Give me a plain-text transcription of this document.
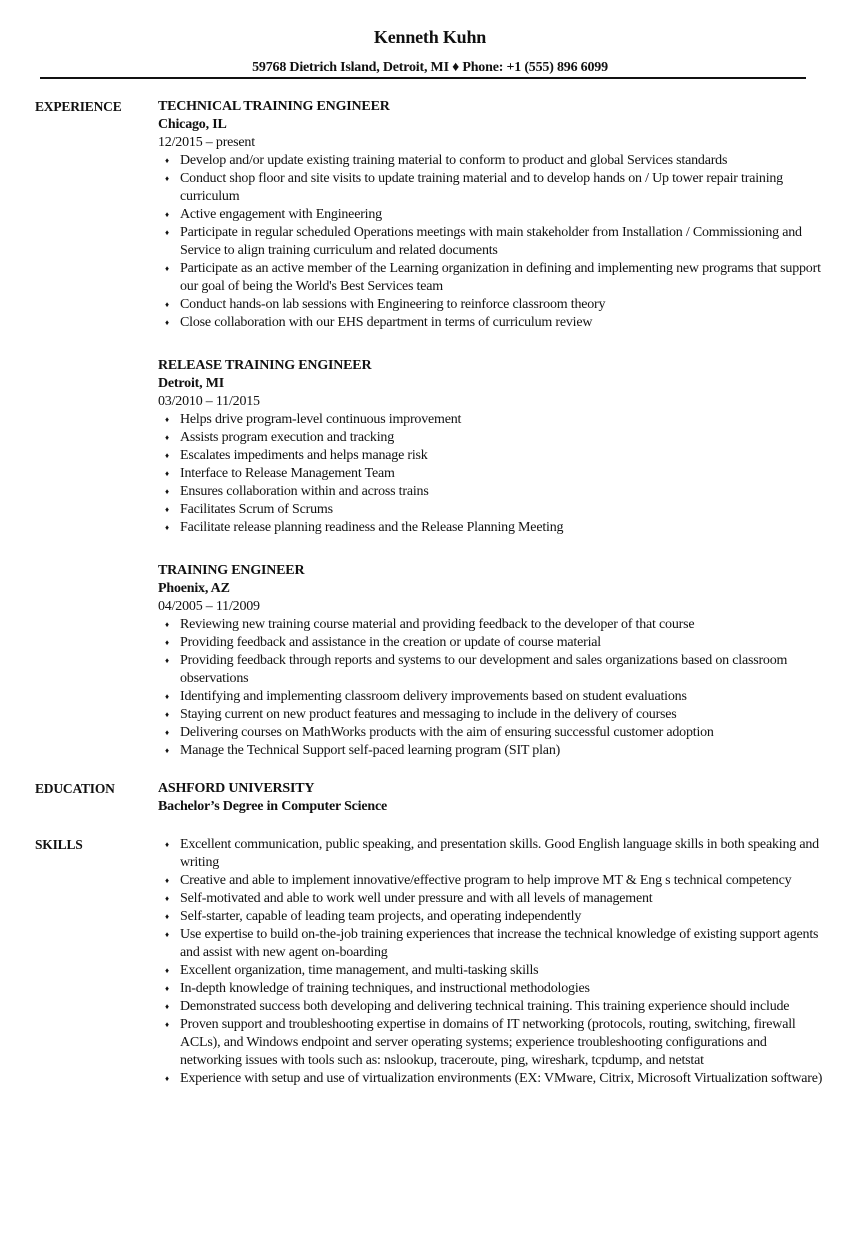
Kenneth Kuhn
59768 Dietrich Island, Detroit, MI ♦ Phone: +1 (555) 896 6099
EXPERIENCE	TECHNICAL TRAINING ENGINEER
Chicago, IL
12/2015 – present
♦ Develop and/or update existing training material to conform to product and global Services standards
♦ Conduct shop floor and site visits to update training material and to develop hands on / Up tower repair training curriculum
♦ Active engagement with Engineering
♦ Participate in regular scheduled Operations meetings with main stakeholder from Installation / Commissioning and Service to align training curriculum and related documents
♦ Participate as an active member of the Learning organization in defining and implementing new programs that support our goal of being the World's Best Services team
♦ Conduct hands-on lab sessions with Engineering to reinforce classroom theory
♦ Close collaboration with our EHS department in terms of curriculum review
RELEASE TRAINING ENGINEER
Detroit, MI
03/2010 – 11/2015
♦ Helps drive program-level continuous improvement
♦ Assists program execution and tracking
♦ Escalates impediments and helps manage risk
♦ Interface to Release Management Team
♦ Ensures collaboration within and across trains
♦ Facilitates Scrum of Scrums
♦ Facilitate release planning readiness and the Release Planning Meeting
TRAINING ENGINEER
Phoenix, AZ
04/2005 – 11/2009
♦ Reviewing new training course material and providing feedback to the developer of that course
♦ Providing feedback and assistance in the creation or update of course material
♦ Providing feedback through reports and systems to our development and sales organizations based on classroom observations
♦ Identifying and implementing classroom delivery improvements based on student evaluations
♦ Staying current on new product features and messaging to include in the delivery of courses
♦ Delivering courses on MathWorks products with the aim of ensuring successful customer adoption
♦ Manage the Technical Support self-paced learning program (SIT plan)
EDUCATION	ASHFORD UNIVERSITY
Bachelor’s Degree in Computer Science
SKILLS	♦ Excellent communication, public speaking, and presentation skills. Good English language skills in both speaking and writing
♦ Creative and able to implement innovative/effective program to help improve MT & Eng s technical competency
♦ Self-motivated and able to work well under pressure and with all levels of management
♦ Self-starter, capable of leading team projects, and operating independently
♦ Use expertise to build on-the-job training experiences that increase the technical knowledge of existing support agents and assist with new agent on-boarding
♦ Excellent organization, time management, and multi-tasking skills
♦ In-depth knowledge of training techniques, and instructional methodologies
♦ Demonstrated success both developing and delivering technical training. This training experience should include
♦ Proven support and troubleshooting expertise in domains of IT networking (protocols, routing, switching, firewall ACLs), and Windows endpoint and server operating systems; experience troubleshooting configurations and networking issues with tools such as: nslookup, traceroute, ping, wireshark, tcpdump, and netstat
♦ Experience with setup and use of virtualization environments (EX: VMware, Citrix, Microsoft Virtualization software)
